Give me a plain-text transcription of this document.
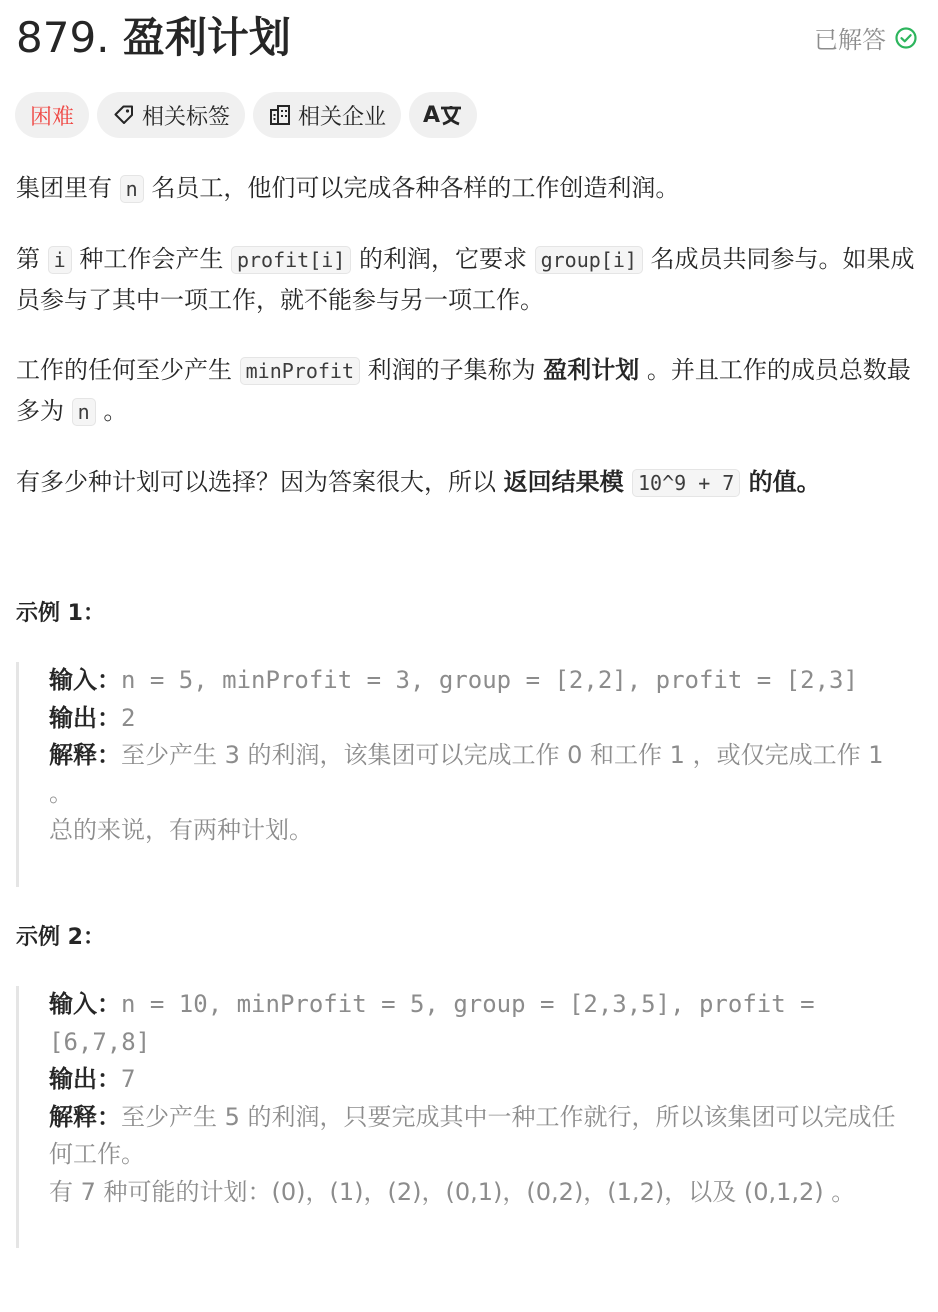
879. 盈利计划	已解答
困难	相关标签	相关企业 A

集团里有 n 名员工，他们可以完成各种各样的工作创造利润。

第 i 种工作会产生 profit[i] 的利润，它要求 group[i] 名成员共同参与。如果成员参与了其中一项工作，就不能参与另一项工作。

工作的任何至少产生 minProfit 利润的子集称为 盈利计划 。并且工作的成员总数最多为 n 。

有多少种计划可以选择？因为答案很大，所以 返回结果模 10^9 + 7 的值。

示例 1：
输入：n = 5, minProfit = 3, group = [2,2], profit = [2,3]
输出：2
解释：至少产生 3 的利润，该集团可以完成工作 0 和工作 1 ，或仅完成工作 1 。
总的来说，有两种计划。
示例 2：
输入：n = 10, minProfit = 5, group = [2,3,5], profit = [6,7,8]
输出：7
解释：至少产生 5 的利润，只要完成其中一种工作就行，所以该集团可以完成任何工作。
有 7 种可能的计划：(0)，(1)，(2)，(0,1)，(0,2)，(1,2)，以及 (0,1,2) 。
